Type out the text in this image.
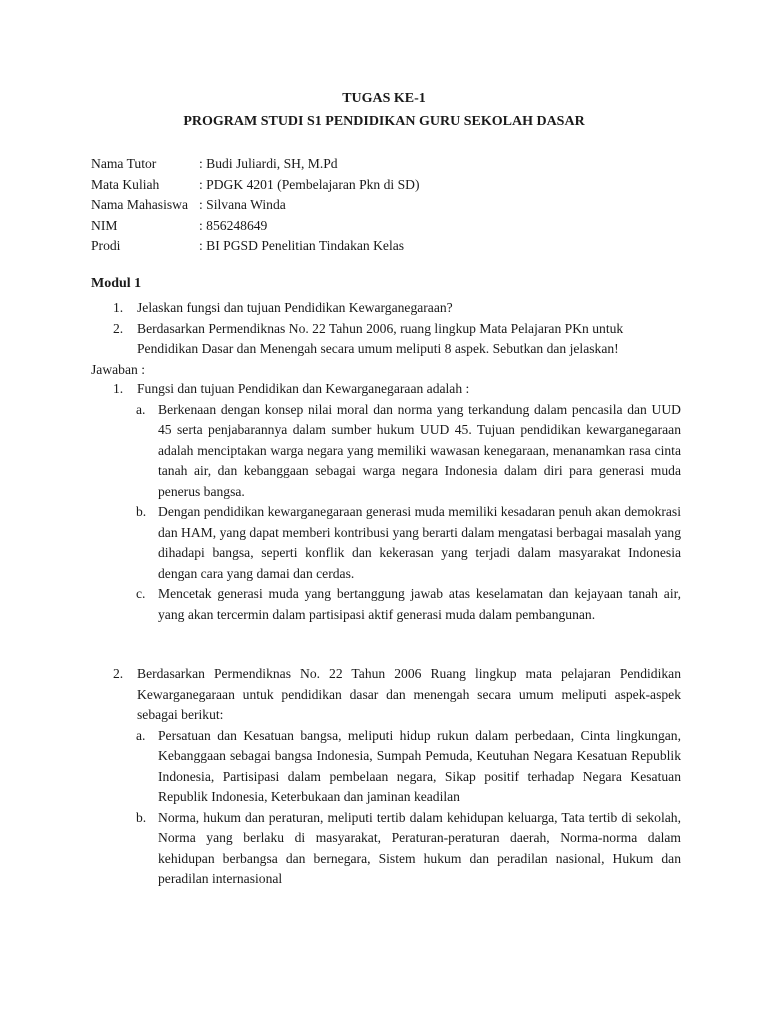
TUGAS KE-1
PROGRAM STUDI S1 PENDIDIKAN GURU SEKOLAH DASAR
Nama Tutor	: Budi Juliardi, SH, M.Pd
Mata Kuliah	: PDGK 4201 (Pembelajaran Pkn di SD)
Nama Mahasiswa : Silvana Winda
NIM	: 856248649
Prodi	: BI PGSD Penelitian Tindakan Kelas
Modul 1
1. Jelaskan fungsi dan tujuan Pendidikan Kewarganegaraan?
2. Berdasarkan Permendiknas No. 22 Tahun 2006, ruang lingkup Mata Pelajaran PKn untuk Pendidikan Dasar dan Menengah secara umum meliputi 8 aspek. Sebutkan dan jelaskan!
Jawaban :
1. Fungsi dan tujuan Pendidikan dan Kewarganegaraan adalah :
a. Berkenaan dengan konsep nilai moral dan norma yang terkandung dalam pencasila dan UUD 45 serta penjabarannya dalam sumber hukum UUD 45. Tujuan pendidikan kewarganegaraan adalah menciptakan warga negara yang memiliki wawasan kenegaraan, menanamkan rasa cinta tanah air, dan kebanggaan sebagai warga negara Indonesia dalam diri para generasi muda penerus bangsa.
b. Dengan pendidikan kewarganegaraan generasi muda memiliki kesadaran penuh akan demokrasi dan HAM, yang dapat memberi kontribusi yang berarti dalam mengatasi berbagai masalah yang dihadapi bangsa, seperti konflik dan kekerasan yang terjadi dalam masyarakat Indonesia dengan cara yang damai dan cerdas.
c. Mencetak generasi muda yang bertanggung jawab atas keselamatan dan kejayaan tanah air, yang akan tercermin dalam partisipasi aktif generasi muda dalam pembangunan.
2. Berdasarkan Permendiknas No. 22 Tahun 2006 Ruang lingkup mata pelajaran Pendidikan Kewarganegaraan untuk pendidikan dasar dan menengah secara umum meliputi aspek-aspek sebagai berikut:
a. Persatuan dan Kesatuan bangsa, meliputi hidup rukun dalam perbedaan, Cinta lingkungan, Kebanggaan sebagai bangsa Indonesia, Sumpah Pemuda, Keutuhan Negara Kesatuan Republik Indonesia, Partisipasi dalam pembelaan negara, Sikap positif terhadap Negara Kesatuan Republik Indonesia, Keterbukaan dan jaminan keadilan
b. Norma, hukum dan peraturan, meliputi tertib dalam kehidupan keluarga, Tata tertib di sekolah, Norma yang berlaku di masyarakat, Peraturan-peraturan daerah, Norma-norma dalam kehidupan berbangsa dan bernegara, Sistem hukum dan peradilan nasional, Hukum dan peradilan internasional
